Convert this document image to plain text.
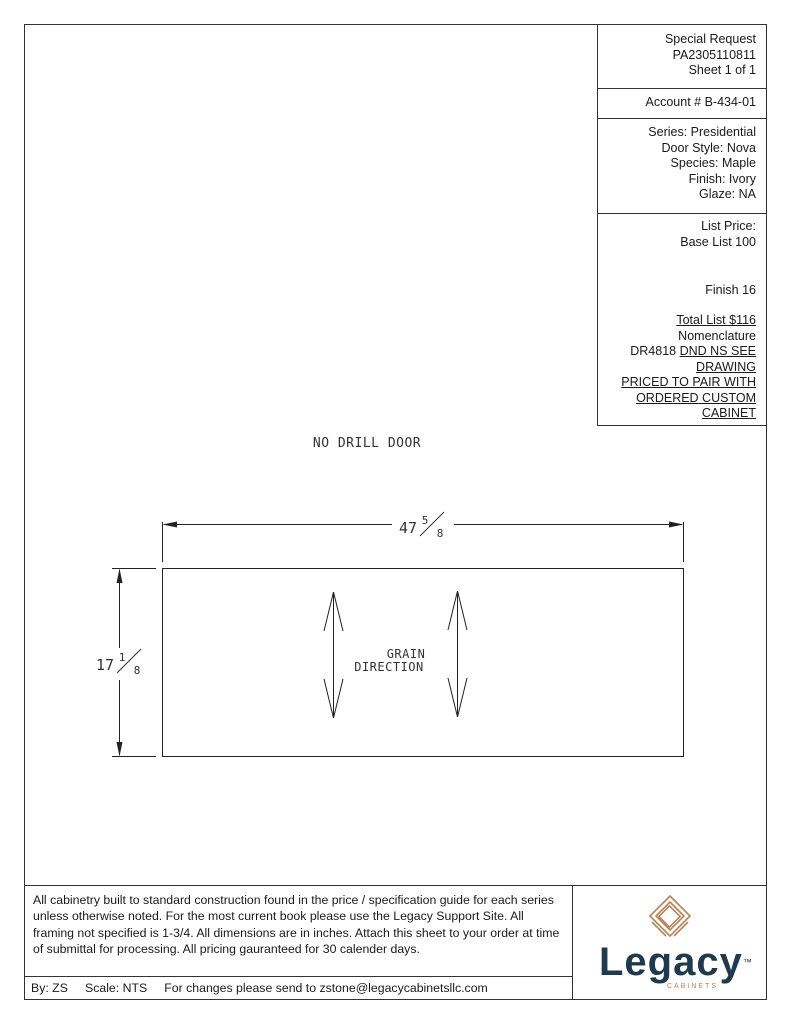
Special Request
PA2305110811
Sheet 1 of 1
Account # B-434-01
Series: Presidential
Door Style: Nova
Species: Maple
Finish: Ivory
Glaze: NA
List Price:
Base List 100
Finish 16
Total List $116
Nomenclature
DR4818 DND NS SEE
DRAWING
PRICED TO PAIR WITH
ORDERED CUSTOM
CABINET
NO DRILL DOOR
GRAIN
DIRECTION
47 5
8
17 1
8
All cabinetry built to standard construction found in the price / specification guide for each series unless otherwise noted. For the most current book please use the Legacy Support Site. All framing not specified is 1-3/4. All dimensions are in inches. Attach this sheet to your order at time of submittal for processing. All pricing gauranteed for 30 calender days.
By: ZS Scale: NTS For changes please send to zstone@legacycabinetsllc.com
Legacy™
CABINETS
